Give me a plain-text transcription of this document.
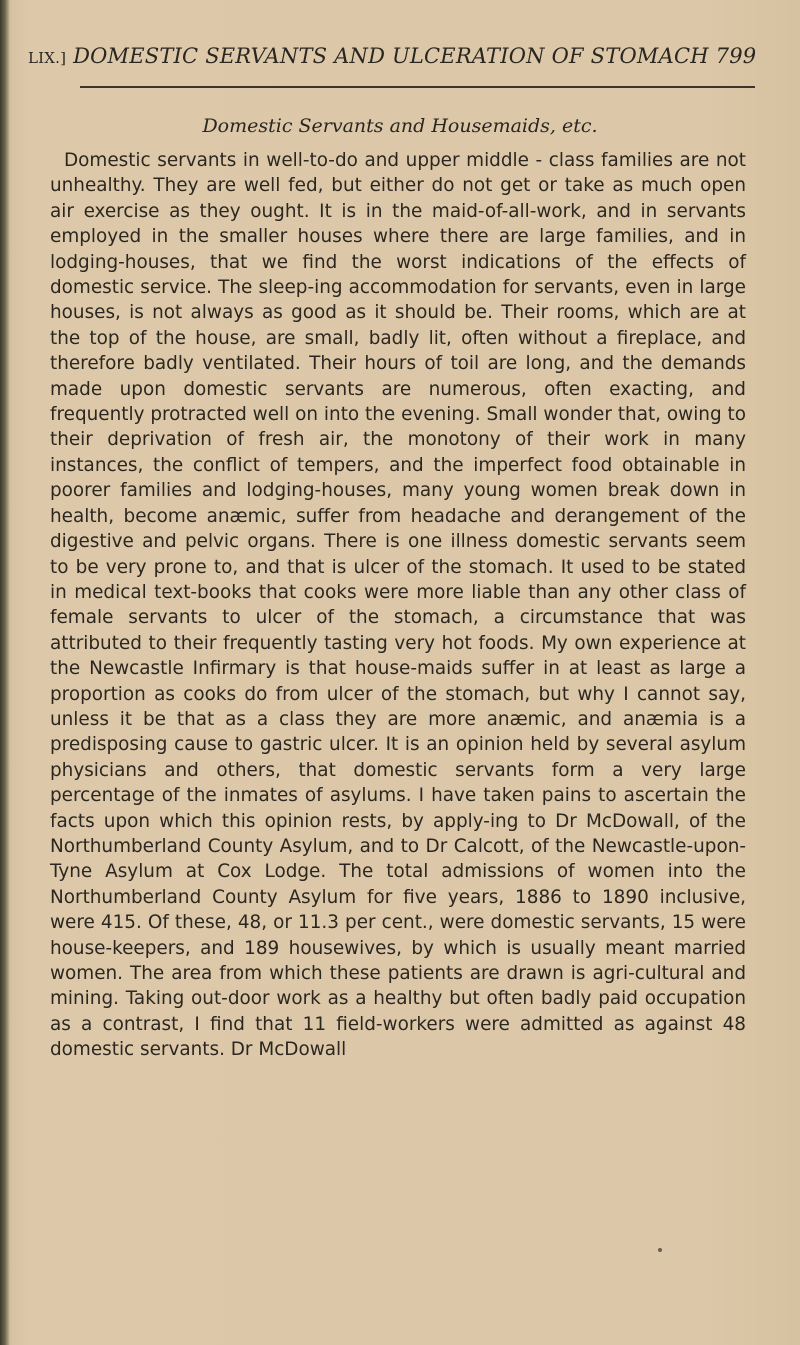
LIX.] DOMESTIC SERVANTS AND ULCERATION OF STOMACH 799
Domestic Servants and Housemaids, etc.

Domestic servants in well-to-do and upper middle - class families are not unhealthy. They are well fed, but either do not get or take as much open air exercise as they ought. It is in the maid-of-all-work, and in servants employed in the smaller houses where there are large families, and in lodging-houses, that we find the worst indications of the effects of domestic service. The sleep-ing accommodation for servants, even in large houses, is not always as good as it should be. Their rooms, which are at the top of the house, are small, badly lit, often without a fireplace, and therefore badly ventilated. Their hours of toil are long, and the demands made upon domestic servants are numerous, often exacting, and frequently protracted well on into the evening. Small wonder that, owing to their deprivation of fresh air, the monotony of their work in many instances, the conflict of tempers, and the imperfect food obtainable in poorer families and lodging-houses, many young women break down in health, become anæmic, suffer from headache and derangement of the digestive and pelvic organs. There is one illness domestic servants seem to be very prone to, and that is ulcer of the stomach. It used to be stated in medical text-books that cooks were more liable than any other class of female servants to ulcer of the stomach, a circumstance that was attributed to their frequently tasting very hot foods. My own experience at the Newcastle Infirmary is that house-maids suffer in at least as large a proportion as cooks do from ulcer of the stomach, but why I cannot say, unless it be that as a class they are more anæmic, and anæmia is a predisposing cause to gastric ulcer. It is an opinion held by several asylum physicians and others, that domestic servants form a very large percentage of the inmates of asylums. I have taken pains to ascertain the facts upon which this opinion rests, by apply-ing to Dr McDowall, of the Northumberland County Asylum, and to Dr Calcott, of the Newcastle-upon-Tyne Asylum at Cox Lodge. The total admissions of women into the Northumberland County Asylum for five years, 1886 to 1890 inclusive, were 415. Of these, 48, or 11.3 per cent., were domestic servants, 15 were house-keepers, and 189 housewives, by which is usually meant married women. The area from which these patients are drawn is agri-cultural and mining. Taking out-door work as a healthy but often badly paid occupation as a contrast, I find that 11 field-workers were admitted as against 48 domestic servants. Dr McDowall
